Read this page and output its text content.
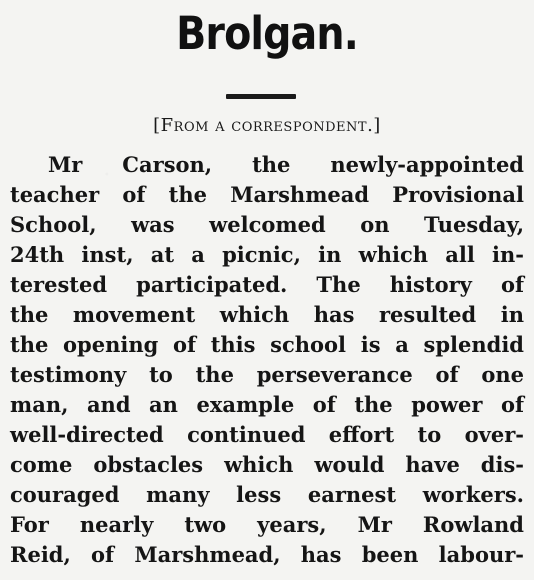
Brolgan.
[From a correspondent.]
Mr Carson, the newly-appointed
teacher of the Marshmead Provisional
School, was welcomed on Tuesday,
24th inst, at a picnic, in which all in-
terested participated. The history of
the movement which has resulted in
the opening of this school is a splendid
testimony to the perseverance of one
man, and an example of the power of
well-directed continued effort to over-
come obstacles which would have dis-
couraged many less earnest workers.
For nearly two years, Mr Rowland
Reid, of Marshmead, has been labour-
